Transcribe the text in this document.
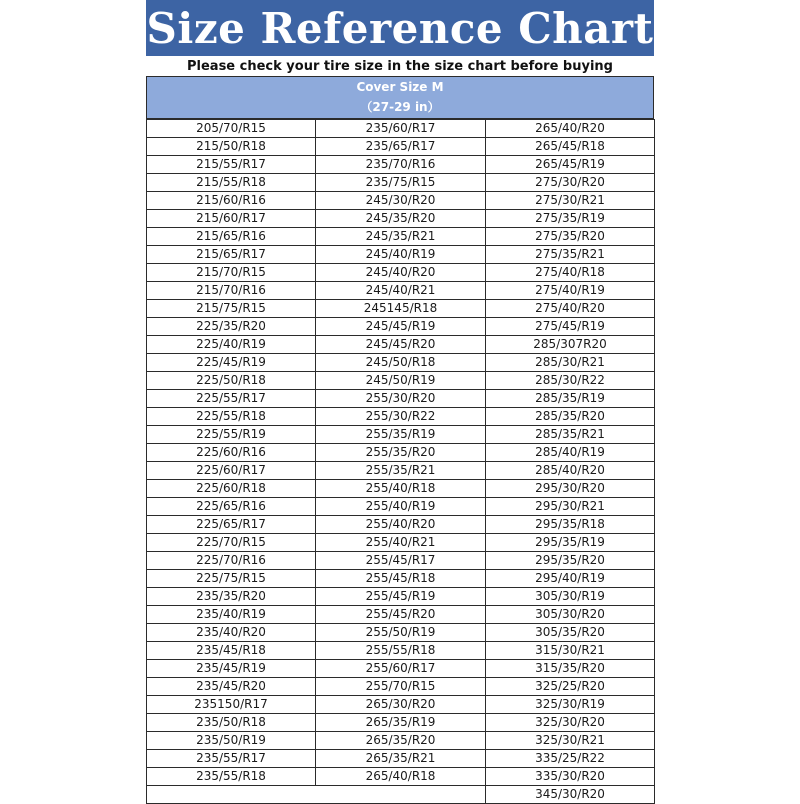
Size Reference Chart
Please check your tire size in the size chart before buying
Cover Size M
（27-29 in）
205/70/R15	235/60/R17	265/40/R20
215/50/R18	235/65/R17	265/45/R18
215/55/R17	235/70/R16	265/45/R19
215/55/R18	235/75/R15	275/30/R20
215/60/R16	245/30/R20	275/30/R21
215/60/R17	245/35/R20	275/35/R19
215/65/R16	245/35/R21	275/35/R20
215/65/R17	245/40/R19	275/35/R21
215/70/R15	245/40/R20	275/40/R18
215/70/R16	245/40/R21	275/40/R19
215/75/R15	245145/R18	275/40/R20
225/35/R20	245/45/R19	275/45/R19
225/40/R19	245/45/R20	285/307R20
225/45/R19	245/50/R18	285/30/R21
225/50/R18	245/50/R19	285/30/R22
225/55/R17	255/30/R20	285/35/R19
225/55/R18	255/30/R22	285/35/R20
225/55/R19	255/35/R19	285/35/R21
225/60/R16	255/35/R20	285/40/R19
225/60/R17	255/35/R21	285/40/R20
225/60/R18	255/40/R18	295/30/R20
225/65/R16	255/40/R19	295/30/R21
225/65/R17	255/40/R20	295/35/R18
225/70/R15	255/40/R21	295/35/R19
225/70/R16	255/45/R17	295/35/R20
225/75/R15	255/45/R18	295/40/R19
235/35/R20	255/45/R19	305/30/R19
235/40/R19	255/45/R20	305/30/R20
235/40/R20	255/50/R19	305/35/R20
235/45/R18	255/55/R18	315/30/R21
235/45/R19	255/60/R17	315/35/R20
235/45/R20	255/70/R15	325/25/R20
235150/R17	265/30/R20	325/30/R19
235/50/R18	265/35/R19	325/30/R20
235/50/R19	265/35/R20	325/30/R21
235/55/R17	265/35/R21	335/25/R22
235/55/R18	265/40/R18	335/30/R20
		345/30/R20
